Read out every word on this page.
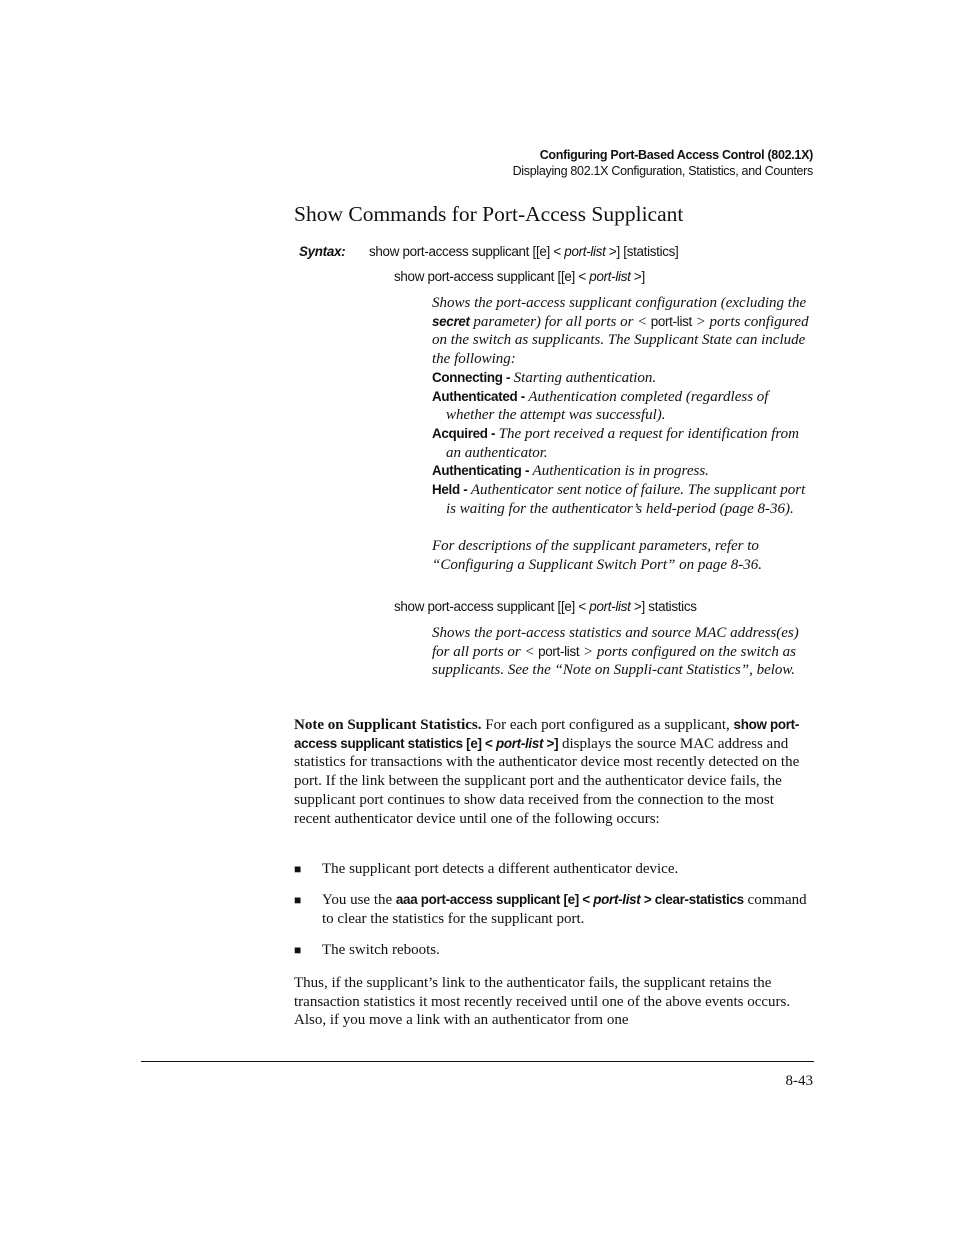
Configuring Port-Based Access Control (802.1X)
Displaying 802.1X Configuration, Statistics, and Counters
Show Commands for Port-Access Supplicant
Syntax: show port-access supplicant [[e] < port-list >] [statistics]
show port-access supplicant [[e] < port-list >]

Shows the port-access supplicant configuration (excluding the secret parameter) for all ports or < port-list > ports configured on the switch as supplicants. The Supplicant State can include the following:

Connecting - Starting authentication.

Authenticated - Authentication completed (regardless of whether the attempt was successful).

Acquired - The port received a request for identification from an authenticator.

Authenticating - Authentication is in progress.

Held - Authenticator sent notice of failure. The supplicant port is waiting for the authenticator’s held-period (page 8-36).

For descriptions of the supplicant parameters, refer to “Configuring a Supplicant Switch Port” on page 8-36.

show port-access supplicant [[e] < port-list >] statistics

Shows the port-access statistics and source MAC address(es) for all ports or < port-list > ports configured on the switch as supplicants. See the “Note on Suppli-cant Statistics”, below.

Note on Supplicant Statistics. For each port configured as a supplicant, show port-access supplicant statistics [e] < port-list >] displays the source MAC address and statistics for transactions with the authenticator device most recently detected on the port. If the link between the supplicant port and the authenticator device fails, the supplicant port continues to show data received from the connection to the most recent authenticator device until one of the following occurs:

■ The supplicant port detects a different authenticator device.
■ You use the aaa port-access supplicant [e] < port-list > clear-statistics command to clear the statistics for the supplicant port.
■ The switch reboots.

Thus, if the supplicant’s link to the authenticator fails, the supplicant retains the transaction statistics it most recently received until one of the above events occurs. Also, if you move a link with an authenticator from one

8-43
